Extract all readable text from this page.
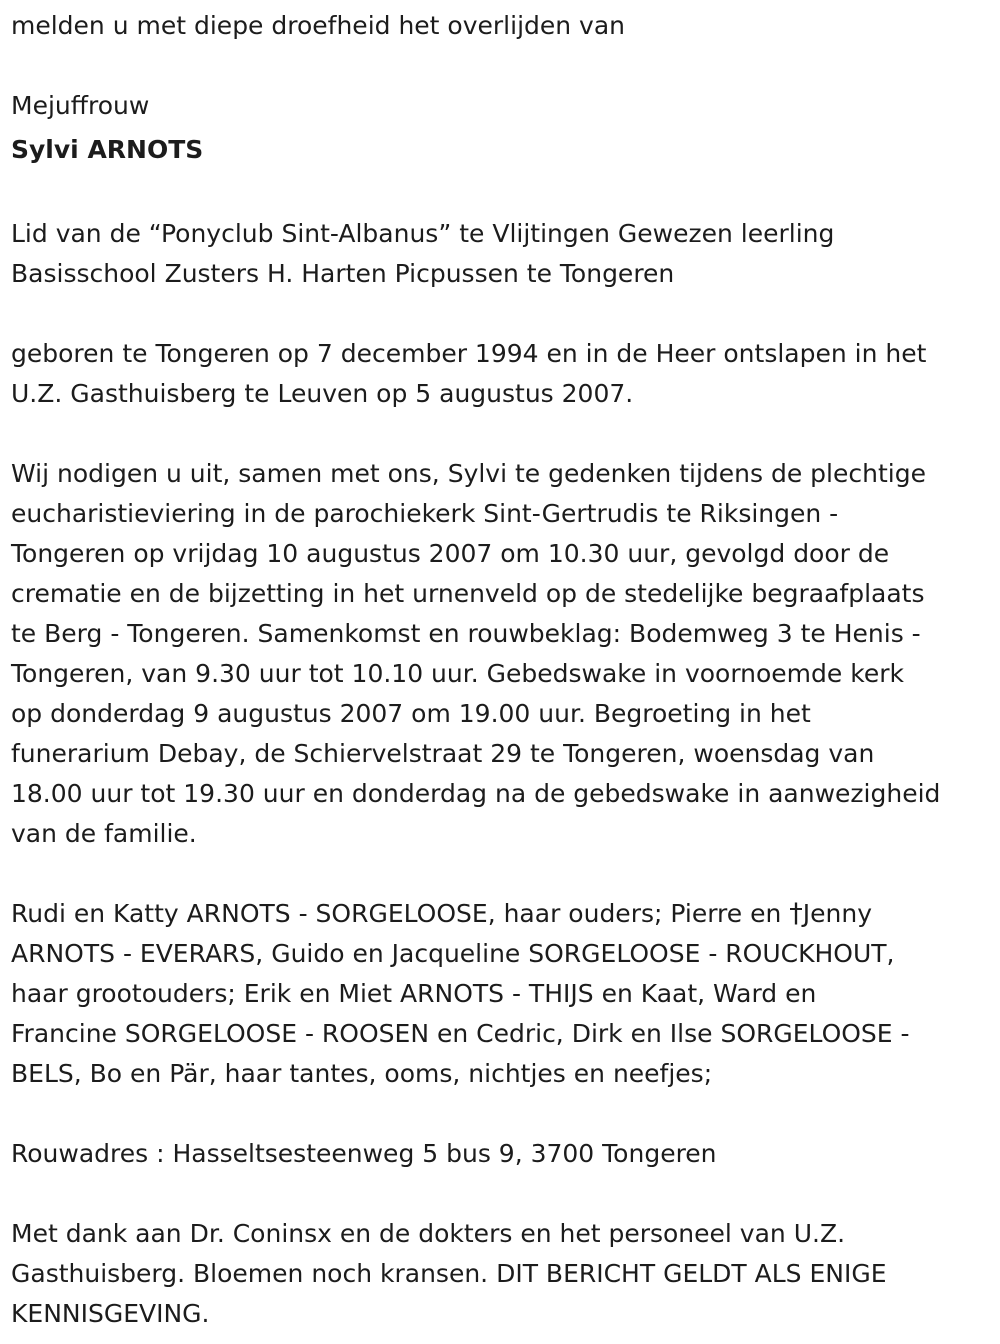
melden u met diepe droefheid het overlijden van

Mejuffrouw

Sylvi ARNOTS

Lid van de “Ponyclub Sint-Albanus” te Vlijtingen Gewezen leerling

Basisschool Zusters H. Harten Picpussen te Tongeren

geboren te Tongeren op 7 december 1994 en in de Heer ontslapen in het

U.Z. Gasthuisberg te Leuven op 5 augustus 2007.

Wij nodigen u uit, samen met ons, Sylvi te gedenken tijdens de plechtige

eucharistieviering in de parochiekerk Sint-Gertrudis te Riksingen -

Tongeren op vrijdag 10 augustus 2007 om 10.30 uur, gevolgd door de

crematie en de bijzetting in het urnenveld op de stedelijke begraafplaats

te Berg - Tongeren. Samenkomst en rouwbeklag: Bodemweg 3 te Henis -

Tongeren, van 9.30 uur tot 10.10 uur. Gebedswake in voornoemde kerk

op donderdag 9 augustus 2007 om 19.00 uur. Begroeting in het

funerarium Debay, de Schiervelstraat 29 te Tongeren, woensdag van

18.00 uur tot 19.30 uur en donderdag na de gebedswake in aanwezigheid

van de familie.

Rudi en Katty ARNOTS - SORGELOOSE, haar ouders; Pierre en †Jenny

ARNOTS - EVERARS, Guido en Jacqueline SORGELOOSE - ROUCKHOUT,

haar grootouders; Erik en Miet ARNOTS - THIJS en Kaat, Ward en

Francine SORGELOOSE - ROOSEN en Cedric, Dirk en Ilse SORGELOOSE -

BELS, Bo en Pär, haar tantes, ooms, nichtjes en neefjes;

Rouwadres : Hasseltsesteenweg 5 bus 9, 3700 Tongeren

Met dank aan Dr. Coninsx en de dokters en het personeel van U.Z.

Gasthuisberg. Bloemen noch kransen. DIT BERICHT GELDT ALS ENIGE

KENNISGEVING.
